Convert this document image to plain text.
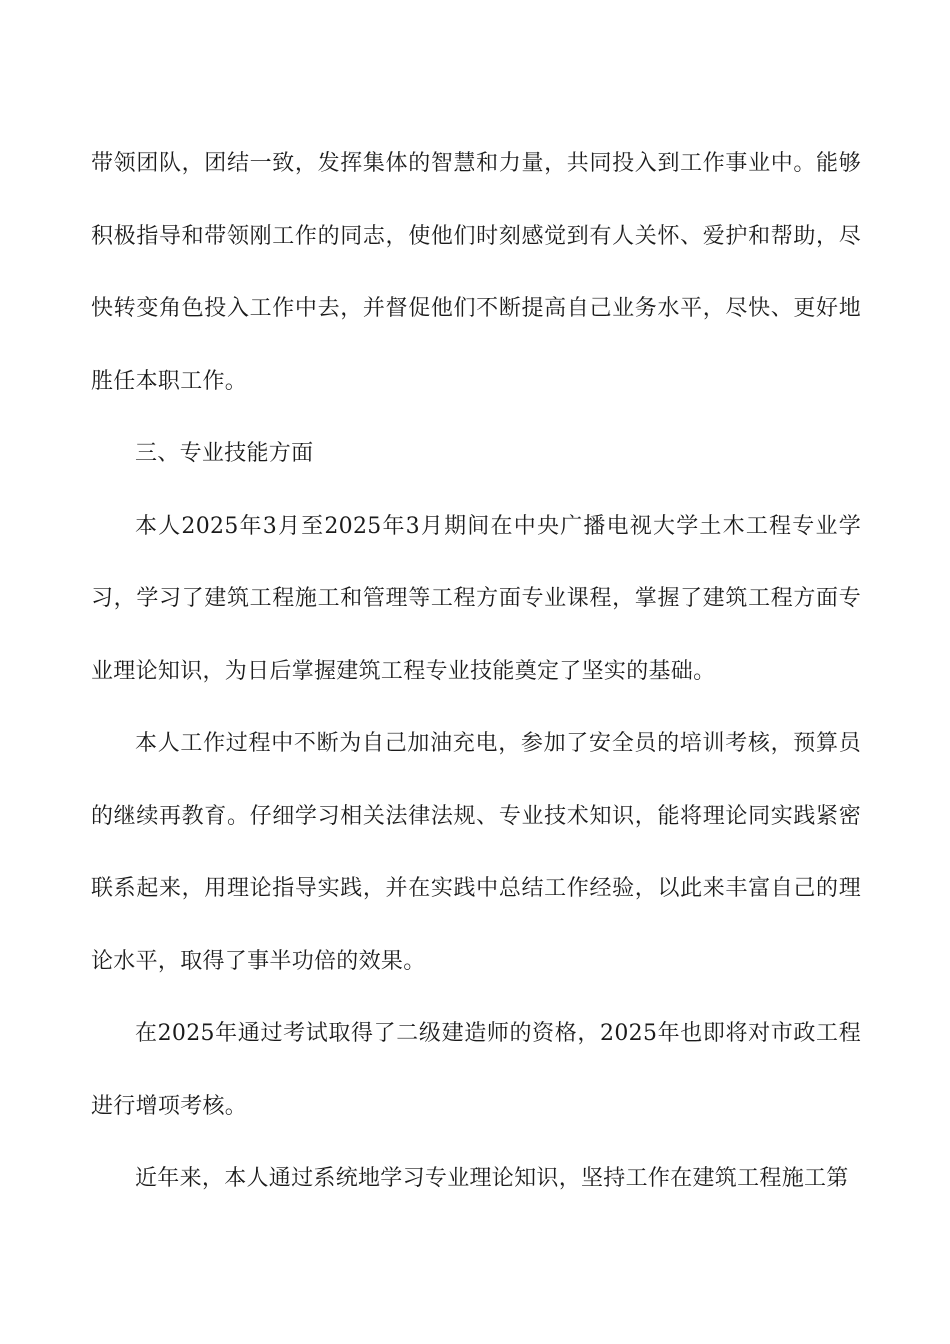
带领团队，团结一致，发挥集体的智慧和力量，共同投入到工作事业中。能够积极指导和带领刚工作的同志，使他们时刻感觉到有人关怀、爱护和帮助，尽快转变角色投入工作中去，并督促他们不断提高自己业务水平，尽快、更好地胜任本职工作。

三、专业技能方面

本人2025年3月至2025年3月期间在中央广播电视大学土木工程专业学习，学习了建筑工程施工和管理等工程方面专业课程，掌握了建筑工程方面专业理论知识，为日后掌握建筑工程专业技能奠定了坚实的基础。

本人工作过程中不断为自己加油充电，参加了安全员的培训考核，预算员的继续再教育。仔细学习相关法律法规、专业技术知识，能将理论同实践紧密联系起来，用理论指导实践，并在实践中总结工作经验，以此来丰富自己的理论水平，取得了事半功倍的效果。

在2025年通过考试取得了二级建造师的资格，2025年也即将对市政工程进行增项考核。

近年来，本人通过系统地学习专业理论知识，坚持工作在建筑工程施工第
